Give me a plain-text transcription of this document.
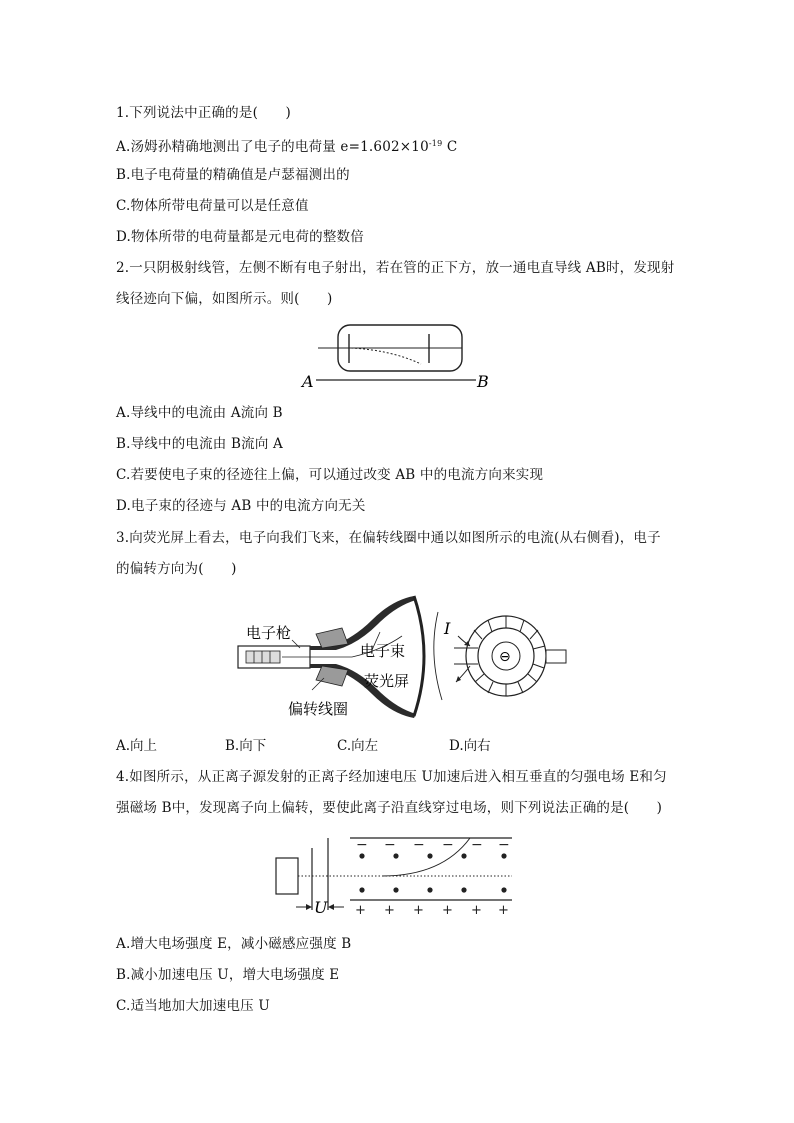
1.下列说法中正确的是(　　)
A.汤姆孙精确地测出了电子的电荷量 $e=1.602\times 10^{-19}$ C
B.电子电荷量的精确值是卢瑟福测出的
C.物体所带电荷量可以是任意值
D.物体所带的电荷量都是元电荷的整数倍
2.一只阴极射线管，左侧不断有电子射出，若在管的正下方，放一通电直导线 AB时，发现射
线径迹向下偏，如图所示。则(　　)
A	B
A.导线中的电流由 A流向 B
B.导线中的电流由 B流向 A
C.若要使电子束的径迹往上偏，可以通过改变 AB 中的电流方向来实现
D.电子束的径迹与 AB 中的电流方向无关
3.向荧光屏上看去，电子向我们飞来，在偏转线圈中通以如图所示的电流(从右侧看)，电子
的偏转方向为(　　)
电子枪
电子束
荧光屏
偏转线圈
I
⊖
A.向上	B.向下	C.向左	D.向右
4.如图所示，从正离子源发射的正离子经加速电压 U加速后进入相互垂直的匀强电场 E和匀
强磁场 B中，发现离子向上偏转，要使此离子沿直线穿过电场，则下列说法正确的是(　　)
− − − − − −
+ + + + + +
U
A.增大电场强度 E，减小磁感应强度 B
B.减小加速电压 U，增大电场强度 E
C.适当地加大加速电压 U
